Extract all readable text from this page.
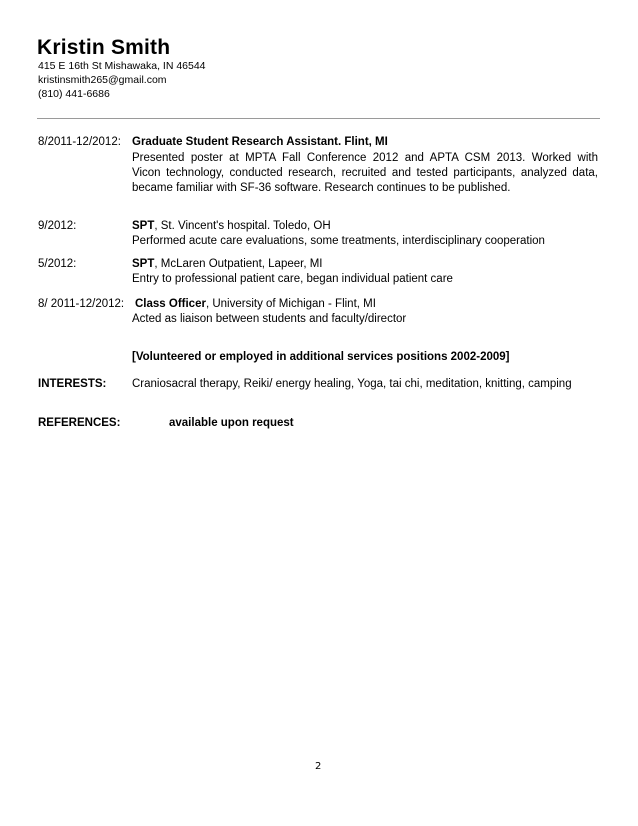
Kristin Smith
415 E 16th St Mishawaka, IN 46544
kristinsmith265@gmail.com
(810) 441-6686
8/2011-12/2012: Graduate Student Research Assistant. Flint, MI
Presented poster at MPTA Fall Conference 2012 and APTA CSM 2013. Worked with
Vicon technology, conducted research, recruited and tested participants, analyzed data,
became familiar with SF-36 software. Research continues to be published.
9/2012:	SPT, St. Vincent's hospital. Toledo, OH
Performed acute care evaluations, some treatments, interdisciplinary cooperation
5/2012:	SPT, McLaren Outpatient, Lapeer, MI
Entry to professional patient care, began individual patient care
8/ 2011-12/2012: Class Officer, University of Michigan - Flint, MI
Acted as liaison between students and faculty/director
[Volunteered or employed in additional services positions 2002-2009]
INTERESTS: Craniosacral therapy, Reiki/ energy healing, Yoga, tai chi, meditation, knitting, camping
REFERENCES:	available upon request
2
